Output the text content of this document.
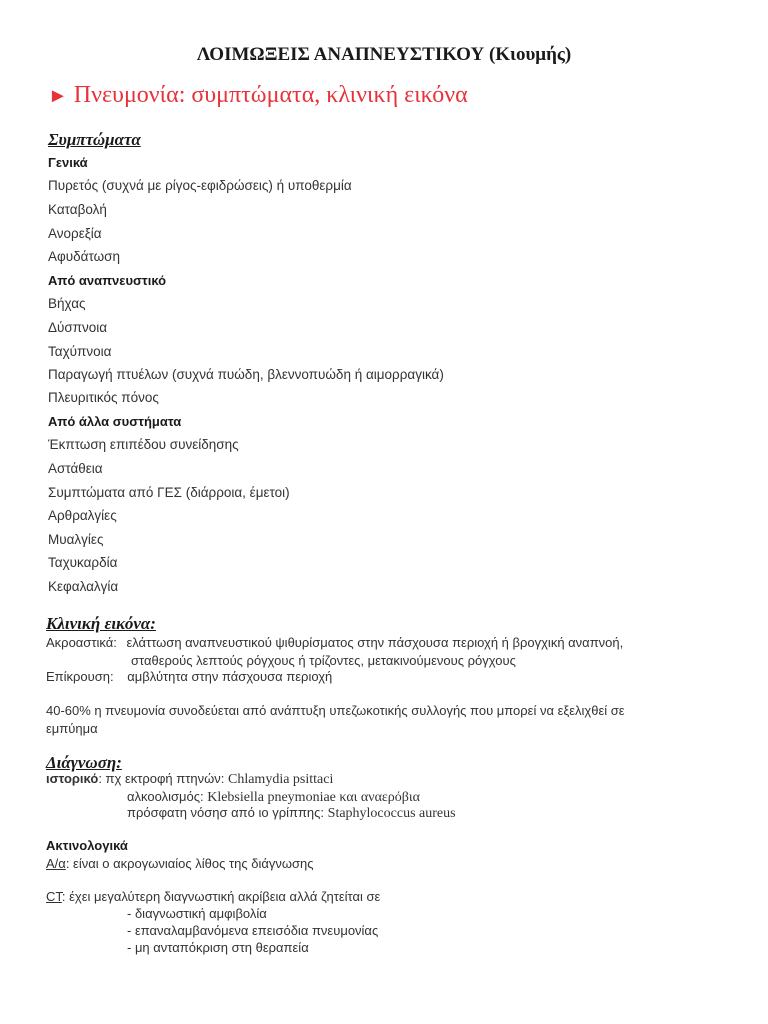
ΛΟΙΜΩΞΕΙΣ ΑΝΑΠΝΕΥΣΤΙΚΟΥ (Κιουμής)
► Πνευμονία: συμπτώματα, κλινική εικόνα
Συμπτώματα
Γενικά
Πυρετός (συχνά με ρίγος-εφιδρώσεις) ή υποθερμία
Καταβολή
Ανορεξία
Αφυδάτωση
Από αναπνευστικό
Βήχας
Δύσπνοια
Ταχύπνοια
Παραγωγή πτυέλων (συχνά πυώδη, βλεννοπυώδη ή αιμορραγικά)
Πλευριτικός πόνος
Από άλλα συστήματα
Έκπτωση επιπέδου συνείδησης
Αστάθεια
Συμπτώματα από ΓΕΣ (διάρροια, έμετοι)
Αρθραλγίες
Μυαλγίες
Ταχυκαρδία
Κεφαλαλγία
Κλινική εικόνα:
Ακροαστικά: ελάττωση αναπνευστικού ψιθυρίσματος στην πάσχουσα περιοχή ή βρογχική αναπνοή,
σταθερούς λεπτούς ρόγχους ή τρίζοντες, μετακινούμενους ρόγχους
Επίκρουση: αμβλύτητα στην πάσχουσα περιοχή
40-60% η πνευμονία συνοδεύεται από ανάπτυξη υπεζωκοτικής συλλογής που μπορεί να εξελιχθεί σε
εμπύημα
Διάγνωση:
ιστορικό: πχ εκτροφή πτηνών: Chlamydia psittaci
αλκοολισμός: Klebsiella pneymoniae και αναερόβια
πρόσφατη νόσησ από ιο γρίππης: Staphylococcus aureus
Ακτινολογικά
Α/α: είναι ο ακρογωνιαίος λίθος της διάγνωσης
CT: έχει μεγαλύτερη διαγνωστική ακρίβεια αλλά ζητείται σε
- διαγνωστική αμφιβολία
- επαναλαμβανόμενα επεισόδια πνευμονίας
- μη ανταπόκριση στη θεραπεία
